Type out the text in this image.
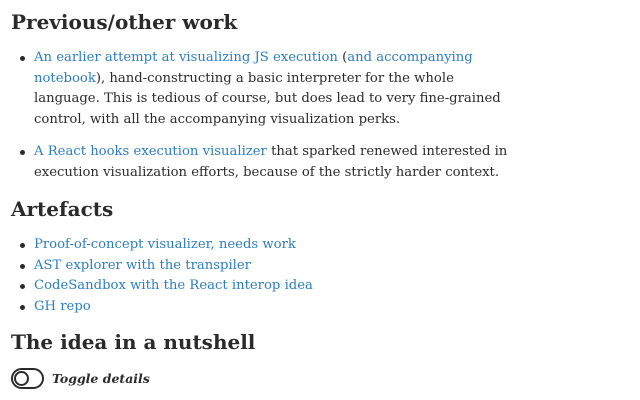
Previous/other work
An earlier attempt at visualizing JS execution (and accompanying notebook), hand-constructing a basic interpreter for the whole language. This is tedious of course, but does lead to very fine-grained control, with all the accompanying visualization perks.
A React hooks execution visualizer that sparked renewed interested in execution visualization efforts, because of the strictly harder context.
Artefacts
Proof-of-concept visualizer, needs work
AST explorer with the transpiler
CodeSandbox with the React interop idea
GH repo
The idea in a nutshell
Toggle details
